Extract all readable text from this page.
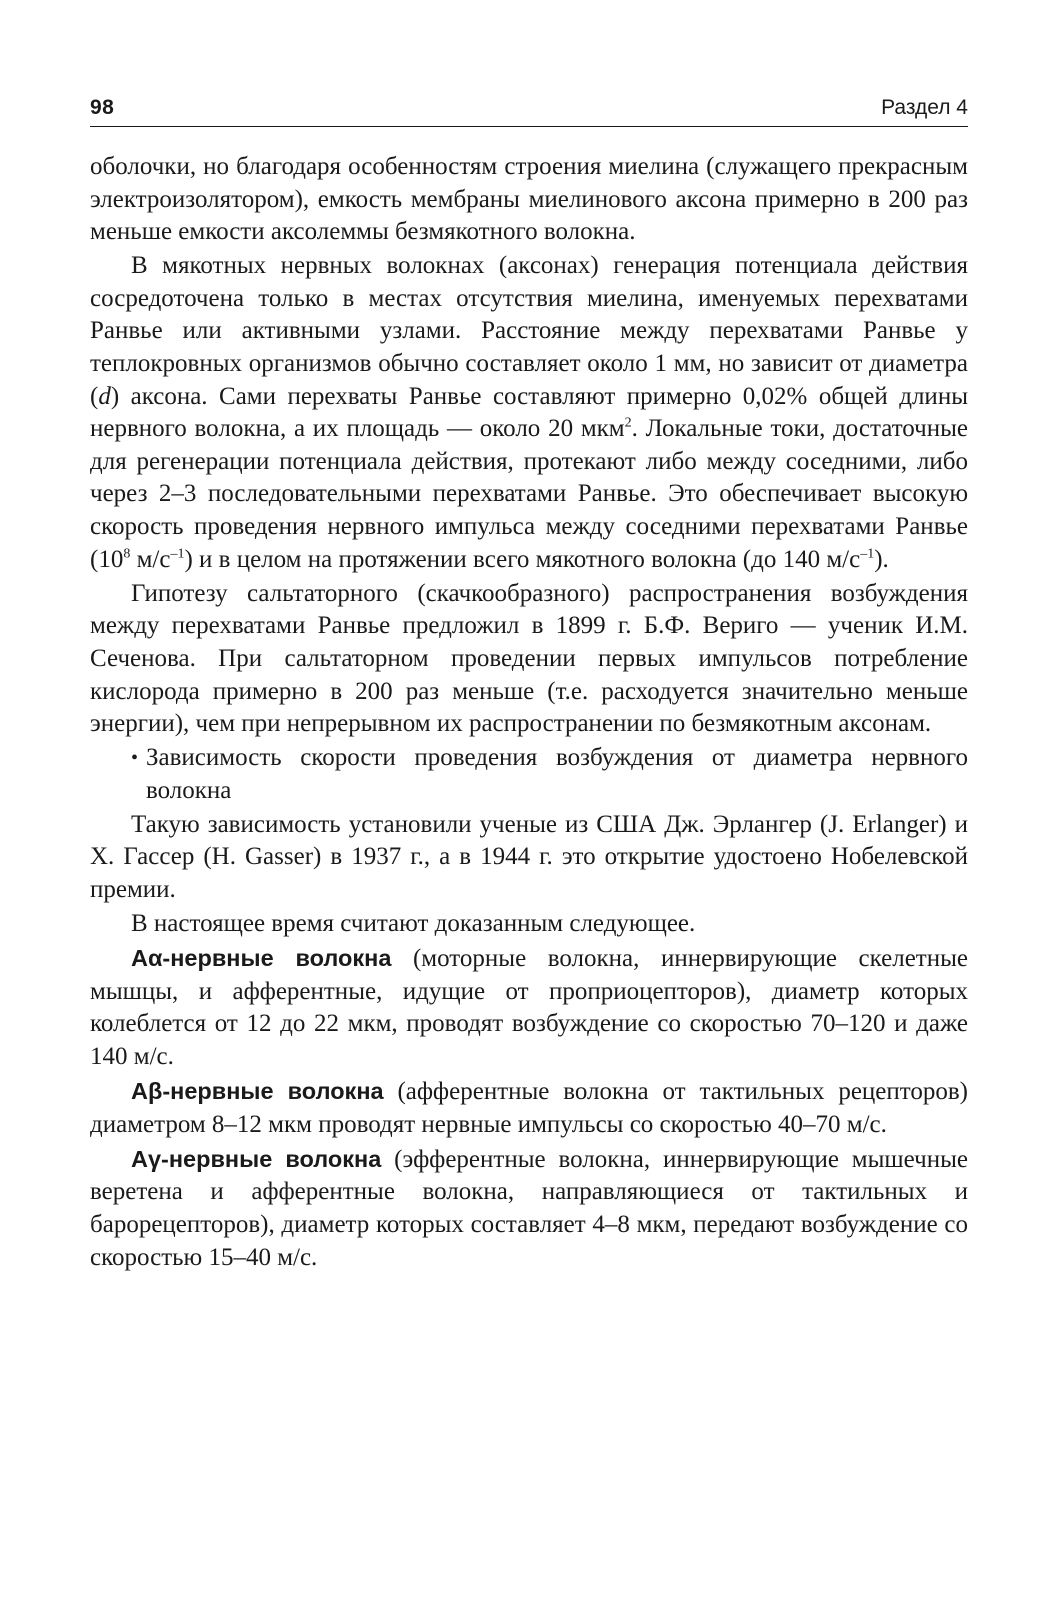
98	Раздел 4

оболочки, но благодаря особенностям строения миелина (служащего прекрасным электроизолятором), емкость мембраны миелинового аксона примерно в 200 раз меньше емкости аксолеммы безмякотного волокна.

В мякотных нервных волокнах (аксонах) генерация потенциала действия сосредоточена только в местах отсутствия миелина, именуемых перехватами Ранвье или активными узлами. Расстояние между перехватами Ранвье у теплокровных организмов обычно составляет около 1 мм, но зависит от диаметра (d) аксона. Сами перехваты Ранвье составляют примерно 0,02% общей длины нервного волокна, а их площадь — около 20 мкм$^2$. Локальные токи, достаточные для регенерации потенциала действия, протекают либо между соседними, либо через 2–3 последовательными перехватами Ранвье. Это обеспечивает высокую скорость проведения нервного импульса между соседними перехватами Ранвье ($10^8$ $м/с^{-1}$) и в целом на протяжении всего мякотного волокна (до 140 $м/с^{-1}$).

Гипотезу сальтаторного (скачкообразного) распространения возбуждения между перехватами Ранвье предложил в 1899 г. Б.Ф. Вериго — ученик И.М. Сеченова. При сальтаторном проведении первых импульсов потребление кислорода примерно в 200 раз меньше (т.е. расходуется значительно меньше энергии), чем при непрерывном их распространении по безмякотным аксонам.

• Зависимость скорости проведения возбуждения от диаметра нервного волокна

Такую зависимость установили ученые из США Дж. Эрлангер (J. Erlanger) и Х. Гассер (H. Gasser) в 1937 г., а в 1944 г. это открытие удостоено Нобелевской премии.

В настоящее время считают доказанным следующее.

Aα-нервные волокна (моторные волокна, иннервирующие скелетные мышцы, и афферентные, идущие от проприоцепторов), диаметр которых колеблется от 12 до 22 мкм, проводят возбуждение со скоростью 70–120 и даже 140 м/с.

Aβ-нервные волокна (афферентные волокна от тактильных рецепторов) диаметром 8–12 мкм проводят нервные импульсы со скоростью 40–70 м/с.

Aγ-нервные волокна (эфферентные волокна, иннервирующие мышечные веретена и афферентные волокна, направляющиеся от тактильных и барорецепторов), диаметр которых составляет 4–8 мкм, передают возбуждение со скоростью 15–40 м/с.
